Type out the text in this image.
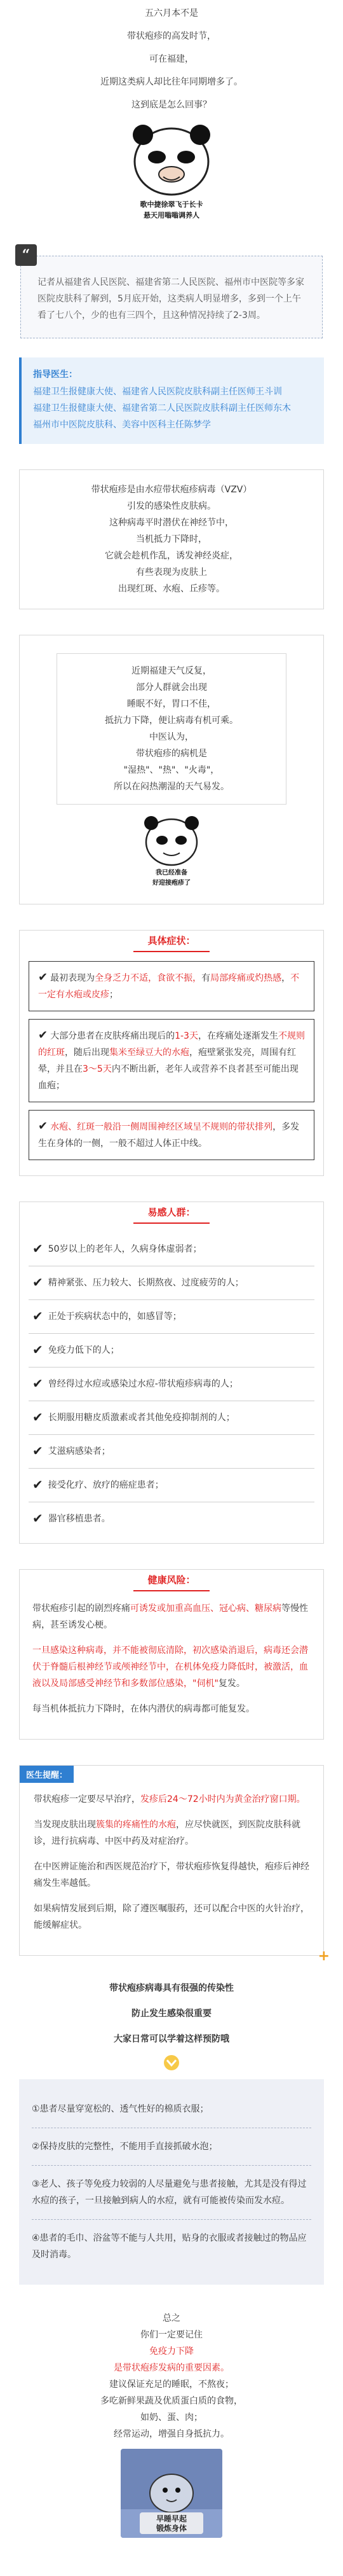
五六月本不是

带状疱疹的高发时节，

可在福建，

近期这类病人却比往年同期增多了。

这到底是怎么回事？

歌中捷徐翠飞于长卡
悬天用嗡嗡调养人
“
记者从福建省人民医院、福建省第二人民医院、福州市中医院等多家医院皮肤科了解到，5月底开始，这类病人明显增多，多到一个上午看了七八个，少的也有三四个，且这种情况持续了2-3周。
指导医生：
福建卫生报健康大使、福建省人民医院皮肤科副主任医师王斗训
福建卫生报健康大使、福建省第二人民医院皮肤科副主任医师东木
福州市中医院皮肤科、美容中医科主任陈梦学

带状疱疹是由水痘带状疱疹病毒（VZV）

引发的感染性皮肤病。

这种病毒平时潜伏在神经节中，

当机抵力下降时，

它就会趁机作乱，诱发神经炎症，

有些表现为皮肤上

出现红斑、水疱、丘疹等。

近期福建天气反复，

部分人群就会出现

睡眠不好，胃口不佳，

抵抗力下降，便让病毒有机可乘。

中医认为，

带状疱疹的病机是

"湿热"、"热"、"火毒"，

所以在闷热潮湿的天气易发。

我已经准备
好迎接疱疹了
具体症状：
✔ 最初表现为全身乏力不适，食欲不振，有局部疼痛或灼热感，不一定有水疱或皮疹；
✔ 大部分患者在皮肤疼痛出现后的1-3天，在疼痛处逐渐发生不规则的红斑，随后出现集米至绿豆大的水疱，疱壁紧张发亮，周围有红晕，并且在3～5天内不断出新，老年人或营养不良者甚至可能出现血疱；
✔ 水疱、红斑一般沿一侧周围神经区域呈不规则的带状排列，多发生在身体的一侧，一般不超过人体正中线。
易感人群：
✔ 50岁以上的老年人，久病身体虚弱者；
✔ 精神紧张、压力较大、长期熬夜、过度疲劳的人；
✔ 正处于疾病状态中的，如感冒等；
✔ 免疫力低下的人；
✔ 曾经得过水痘或感染过水痘-带状疱疹病毒的人；
✔ 长期服用糖皮质激素或者其他免疫抑制剂的人；
✔ 艾滋病感染者；
✔ 接受化疗、放疗的癌症患者；
✔ 器官移植患者。
健康风险：

带状疱疹引起的剧烈疼痛可诱发或加重高血压、冠心病、糖尿病等慢性病，甚至诱发心梗。

一旦感染这种病毒，并不能被彻底清除，初次感染消退后，病毒还会潜伏于脊髓后根神经节或颅神经节中，在机体免疫力降低时，被激活，血液以及局部感受神经节和多数部位感染，"伺机"复发。

每当机体抵抗力下降时，在体内潜伏的病毒都可能复发。

医生提醒：

带状疱疹一定要尽早治疗，发疹后24～72小时内为黄金治疗窗口期。

当发现皮肤出现簇集的疼痛性的水疱，应尽快就医，到医院皮肤科就诊，进行抗病毒、中医中药及对症治疗。

在中医辨证施治和西医规范治疗下，带状疱疹恢复得越快，疱疹后神经痛发生率越低。

如果病情发展到后期，除了遵医嘱服药，还可以配合中医的火针治疗，能缓解症状。

+

带状疱疹病毒具有很强的传染性

防止发生感染很重要

大家日常可以学着这样预防哦

①患者尽量穿宽松的、透气性好的棉质衣服；

②保持皮肤的完整性，不能用手直接抓破水泡；

③老人、孩子等免疫力较弱的人尽量避免与患者接触，尤其是没有得过水痘的孩子，一旦接触到病人的水痘，就有可能被传染而发水痘。

④患者的毛巾、浴盆等不能与人共用，贴身的衣服或者接触过的物品应及时消毒。

总之

你们一定要记住

免疫力下降

是带状疱疹发病的重要因素。

建议保证充足的睡眠，不熬夜；

多吃新鲜果蔬及优质蛋白质的食物，

如奶、蛋、肉；

经常运动，增强自身抵抗力。

早睡早起
锻炼身体
